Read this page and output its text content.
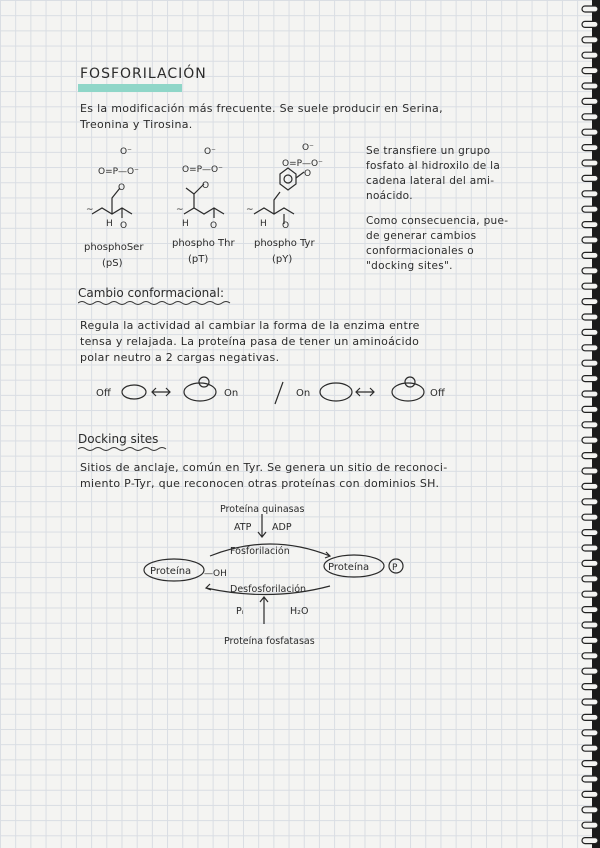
FOSFORILACIÓN
Es la modificación más frecuente. Se suele producir en Serina,
Treonina y Tirosina.
O⁻
O=P—O⁻
O
H O
O⁻
O=P—O⁻
O
H O
O⁻
O=P—O⁻
O
H O
~	~	~
phosphoSer
(pS)
phospho Thr
(pT)
phospho Tyr
(pY)
Se transfiere un grupo
fosfato al hidroxilo de la
cadena lateral del ami-
noácido.
Como consecuencia, pue-
de generar cambios
conformacionales o
"docking sites".
Cambio conformacional:
Regula la actividad al cambiar la forma de la enzima entre
tensa y relajada. La proteína pasa de tener un aminoácido
polar neutro a 2 cargas negativas.
Off	On	On	Off
Docking sites
Sitios de anclaje, común en Tyr. Se genera un sitio de reconoci-
miento P-Tyr, que reconocen otras proteínas con dominios SH.
Proteína quinasas
ATP ADP
Fosforilación
Proteína —OH
Proteína	P
Desfosforilación
Pᵢ	H₂O
Proteína fosfatasas
